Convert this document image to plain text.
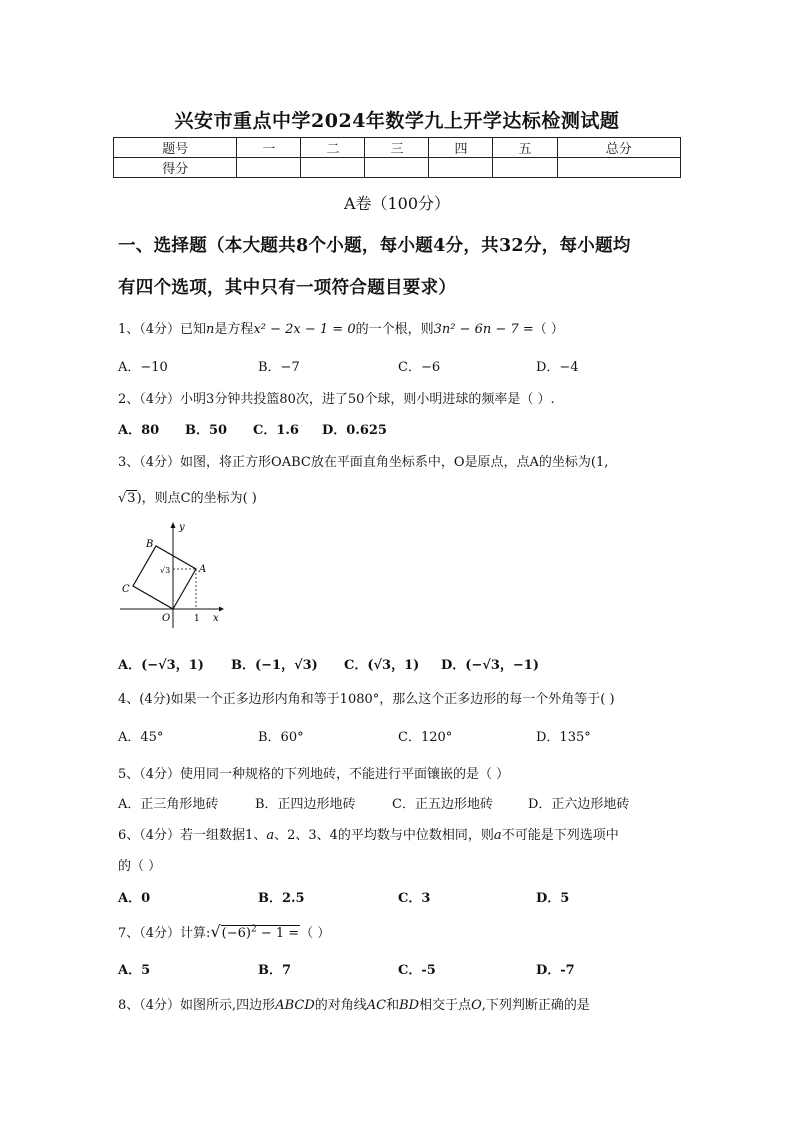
兴安市重点中学2024年数学九上开学达标检测试题
题号	一	二	三	四	五	总分
得分						
A卷（100分）
一、选择题（本大题共8个小题，每小题4分，共32分，每小题均
有四个选项，其中只有一项符合题目要求）
1、（4分）已知n是方程x² − 2x − 1 = 0的一个根，则3n² − 6n − 7 =（ ）
A．−10	B．−7	C．−6	D．−4
2、（4分）小明3分钟共投篮80次，进了50个球，则小明进球的频率是（ ）.
A．80 B．50 C．1.6 D．0.625
3、（4分）如图，将正方形OABC放在平面直角坐标系中，O是原点，点A的坐标为(1,
√3)，则点C的坐标为( )
B
A
C
O	x
y
1
√3
A．(−√3，1) B．(−1，√3) C．(√3，1) D．(−√3，−1)
4、(4分)如果一个正多边形内角和等于1080°，那么这个正多边形的每一个外角等于( )
A．45°	B．60°	C．120°	D．135°
5、（4分）使用同一种规格的下列地砖，不能进行平面镶嵌的是（ ）
A．正三角形地砖	B．正四边形地砖	C．正五边形地砖	D．正六边形地砖
6、（4分）若一组数据1、a、2、3、4的平均数与中位数相同，则a不可能是下列选项中
的（ ）
A．0	B．2.5	C．3	D．5
7、（4分）计算$:√(-6)^2 - 1$ =（ ）
A．5	B．7	C．-5	D．-7
8、（4分）如图所示,四边形ABCD的对角线AC和BD相交于点O,下列判断正确的是
